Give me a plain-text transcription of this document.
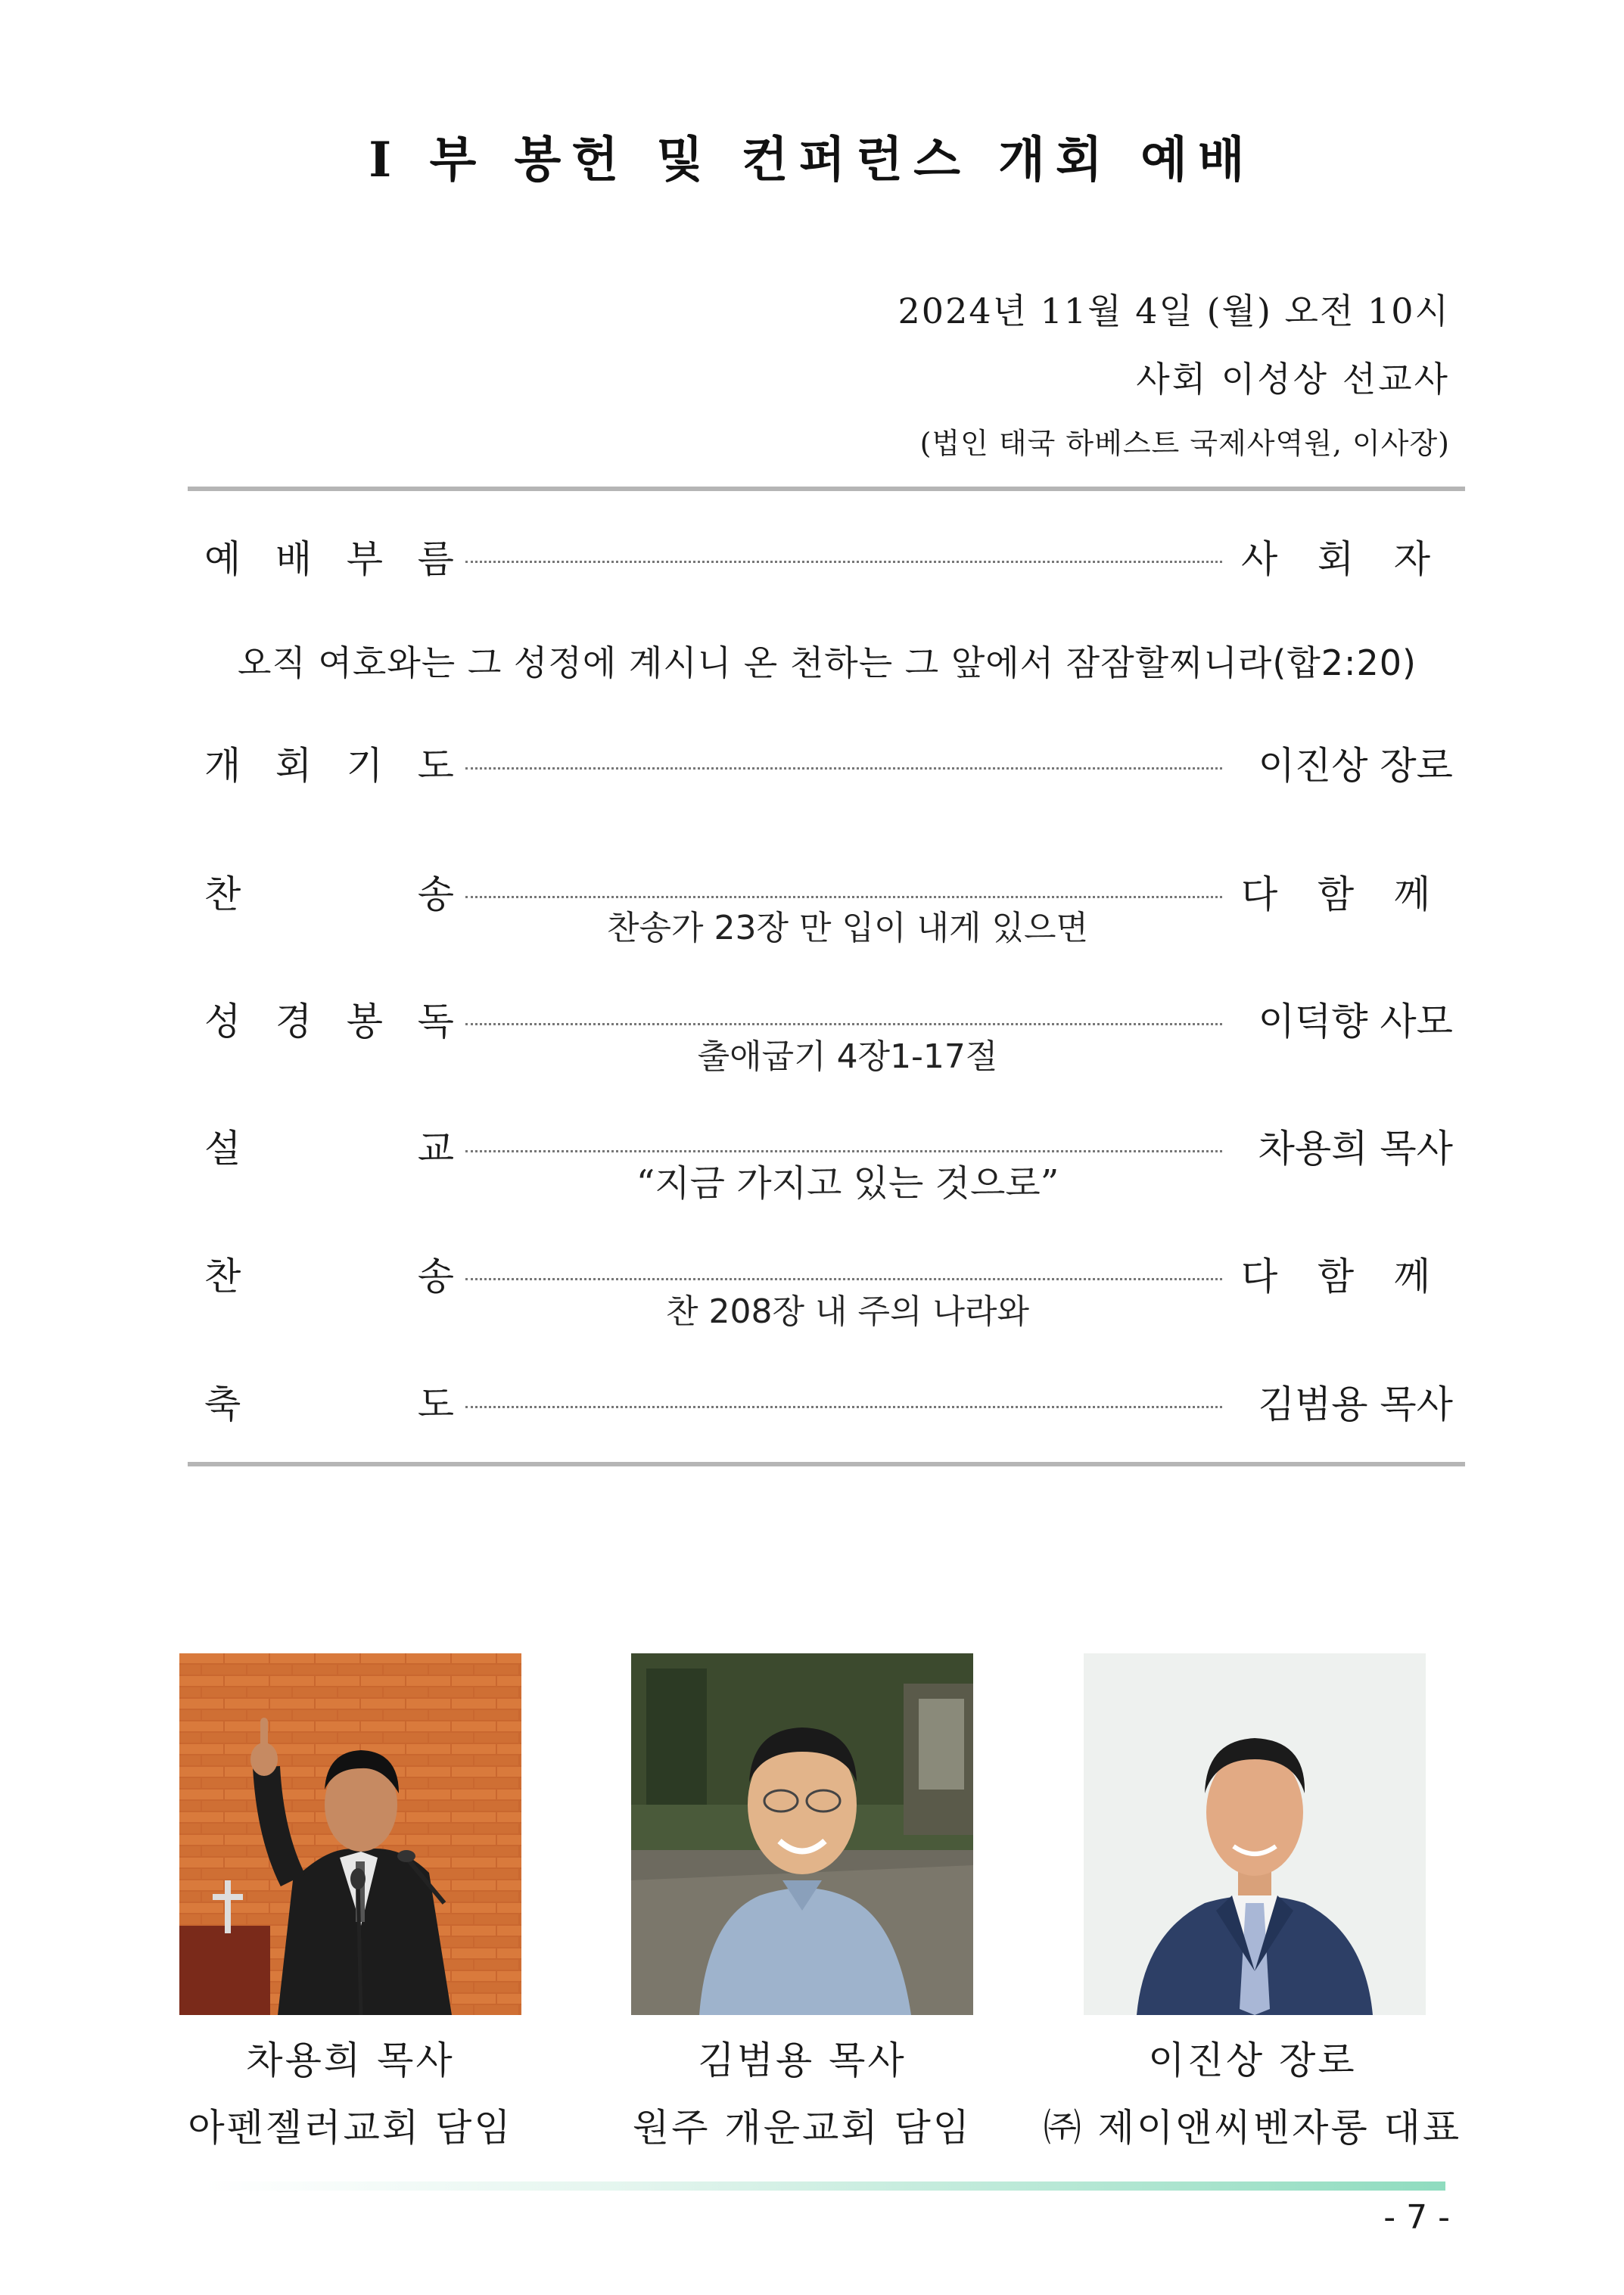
I 부 봉헌 및 컨퍼런스 개회 예배
2024년 11월 4일 (월) 오전 10시
사회 이성상 선교사
(법인 태국 하베스트 국제사역원, 이사장)
예 배 부 름	사 회 자
오직 여호와는 그 성정에 계시니 온 천하는 그 앞에서 잠잠할찌니라(합2:20)
개 회 기 도	이진상 장로
찬	송	다 함 께
찬송가 23장 만 입이 내게 있으면
성 경 봉 독	이덕향 사모
출애굽기 4장1-17절
설	교	차용희 목사
“지금 가지고 있는 것으로”
찬	송	다 함 께
찬 208장 내 주의 나라와
축	도	김범용 목사
차용희 목사
아펜젤러교회 담임
김범용 목사
원주 개운교회 담임
이진상 장로
㈜ 제이앤씨벤자롱 대표
- 7 -
